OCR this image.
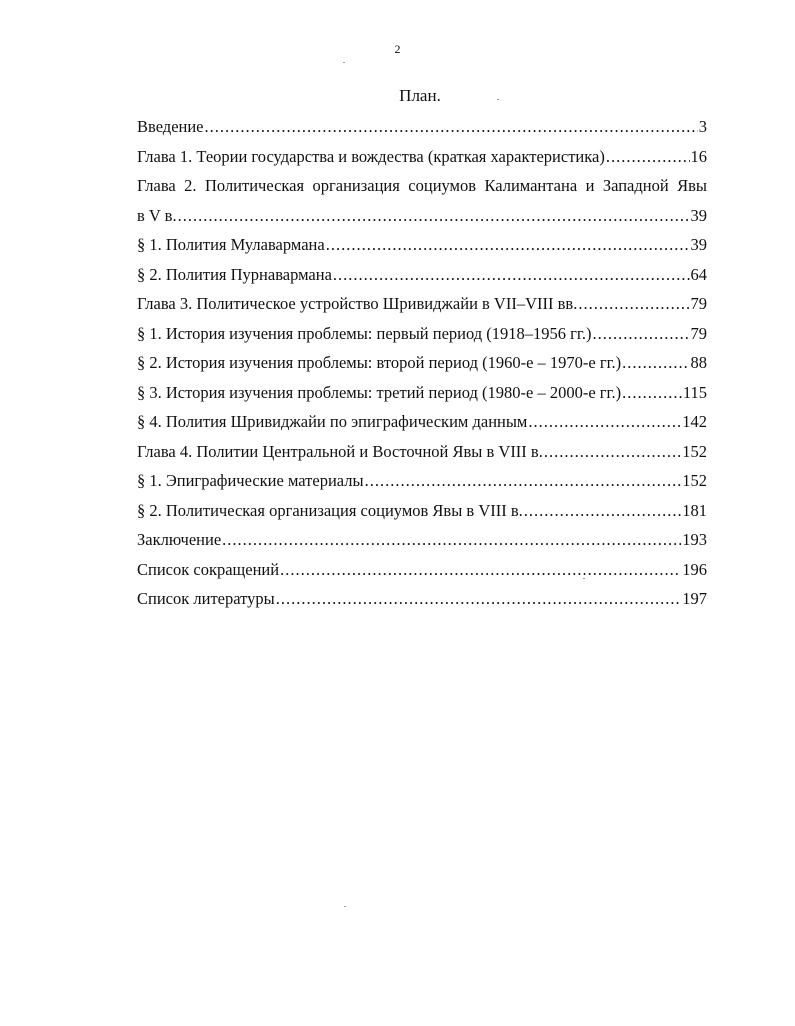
2
План.
Введение .....	3
Глава 1. Теории государства и вождества (краткая характеристика) .....	16
Глава 2. Политическая организация социумов Калимантана и Западной Явы
в V в. .....	39
§ 1. Полития Мулаварманa .....	39
§ 2. Полития Пурнаварманa .....	64
Глава 3. Политическое устройство Шривиджайи в VII–VIII вв. .....	79
§ 1. История изучения проблемы: первый период (1918–1956 гг.) .....	79
§ 2. История изучения проблемы: второй период (1960-е – 1970-е гг.) .....	88
§ 3. История изучения проблемы: третий период (1980-е – 2000-е гг.) .....	115
§ 4. Полития Шривиджайи по эпиграфическим данным .....	142
Глава 4. Политии Центральной и Восточной Явы в VIII в. .....	152
§ 1. Эпиграфические материалы .....	152
§ 2. Политическая организация социумов Явы в VIII в. .....	181
Заключение .....	193
Список сокращений .....	196
Список литературы .....	197
